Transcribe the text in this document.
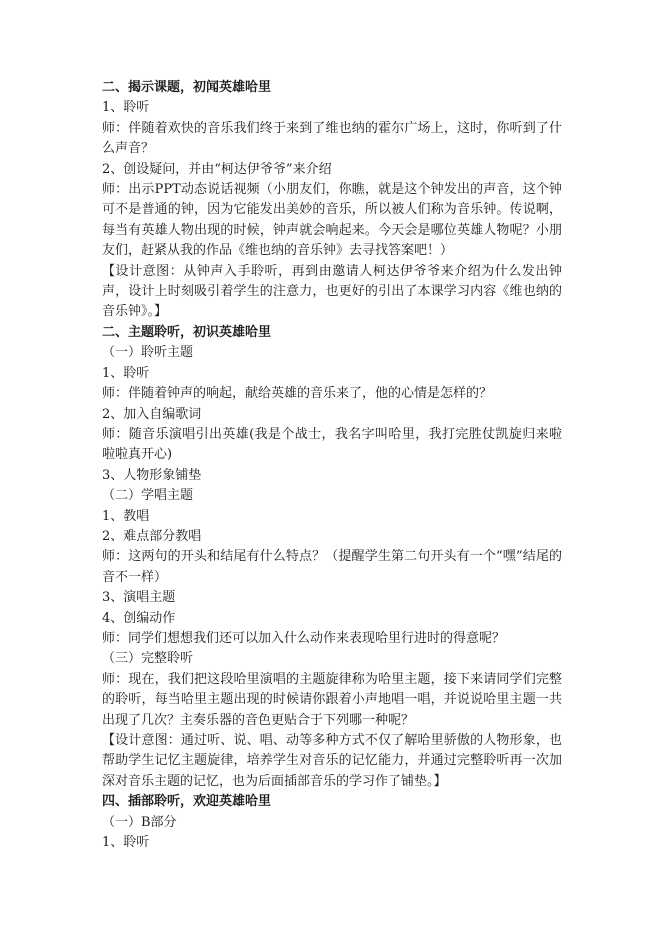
二、揭示课题，初闻英雄哈里
1、聆听
师：伴随着欢快的音乐我们终于来到了维也纳的霍尔广场上，这时，你听到了什么声音？
2、创设疑问，并由“柯达伊爷爷”来介绍
师：出示PPT动态说话视频（小朋友们，你瞧，就是这个钟发出的声音，这个钟可不是普通的钟，因为它能发出美妙的音乐，所以被人们称为音乐钟。传说啊，每当有英雄人物出现的时候，钟声就会响起来。今天会是哪位英雄人物呢？小朋友们，赶紧从我的作品《维也纳的音乐钟》去寻找答案吧！）
【设计意图：从钟声入手聆听，再到由邀请人柯达伊爷爷来介绍为什么发出钟声，设计上时刻吸引着学生的注意力，也更好的引出了本课学习内容《维也纳的音乐钟》。】
二、主题聆听，初识英雄哈里
（一）聆听主题
1、聆听
师：伴随着钟声的响起，献给英雄的音乐来了，他的心情是怎样的？
2、加入自编歌词
师：随音乐演唱引出英雄(我是个战士，我名字叫哈里，我打完胜仗凯旋归来啦啦啦真开心)
3、人物形象铺垫
（二）学唱主题
1、教唱
2、难点部分教唱
师：这两句的开头和结尾有什么特点？（提醒学生第二句开头有一个“嘿”结尾的音不一样）
3、演唱主题
4、创编动作
师：同学们想想我们还可以加入什么动作来表现哈里行进时的得意呢？
（三）完整聆听
师：现在，我们把这段哈里演唱的主题旋律称为哈里主题，接下来请同学们完整的聆听，每当哈里主题出现的时候请你跟着小声地唱一唱，并说说哈里主题一共出现了几次？主奏乐器的音色更贴合于下列哪一种呢？
【设计意图：通过听、说、唱、动等多种方式不仅了解哈里骄傲的人物形象，也帮助学生记忆主题旋律，培养学生对音乐的记忆能力，并通过完整聆听再一次加深对音乐主题的记忆，也为后面插部音乐的学习作了铺垫。】
四、插部聆听，欢迎英雄哈里
（一）B部分
1、聆听
